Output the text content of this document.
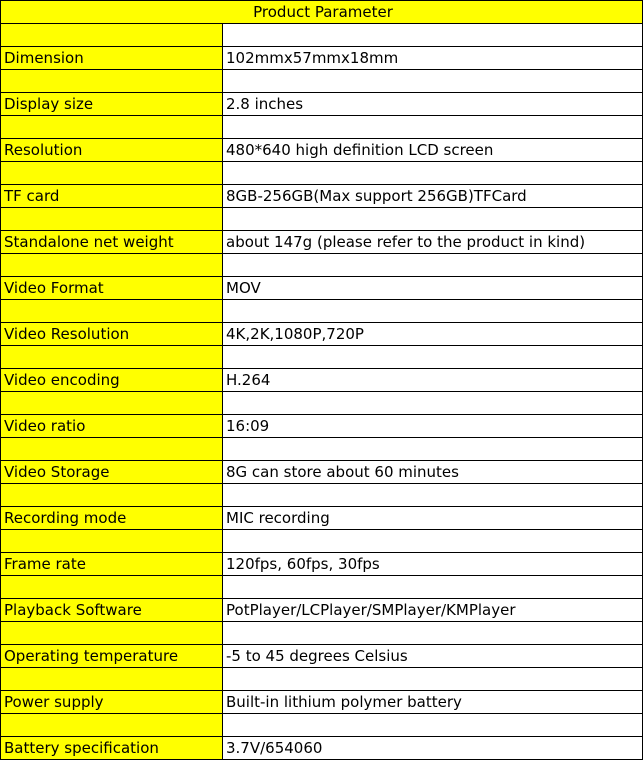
Product Parameter	

Dimension	102mmx57mmx18mm

Display size	2.8 inches

Resolution	480*640 high definition LCD screen

TF card	8GB-256GB(Max support 256GB)TFCard

Standalone net weight	about 147g (please refer to the product in kind)

Video Format	MOV

Video Resolution	4K,2K,1080P,720P

Video encoding	H.264

Video ratio	16:09

Video Storage	8G can store about 60 minutes

Recording mode	MIC recording

Frame rate	120fps, 60fps, 30fps

Playback Software	PotPlayer/LCPlayer/SMPlayer/KMPlayer

Operating temperature	-5 to 45 degrees Celsius

Power supply	Built-in lithium polymer battery

Battery specification	3.7V/654060
